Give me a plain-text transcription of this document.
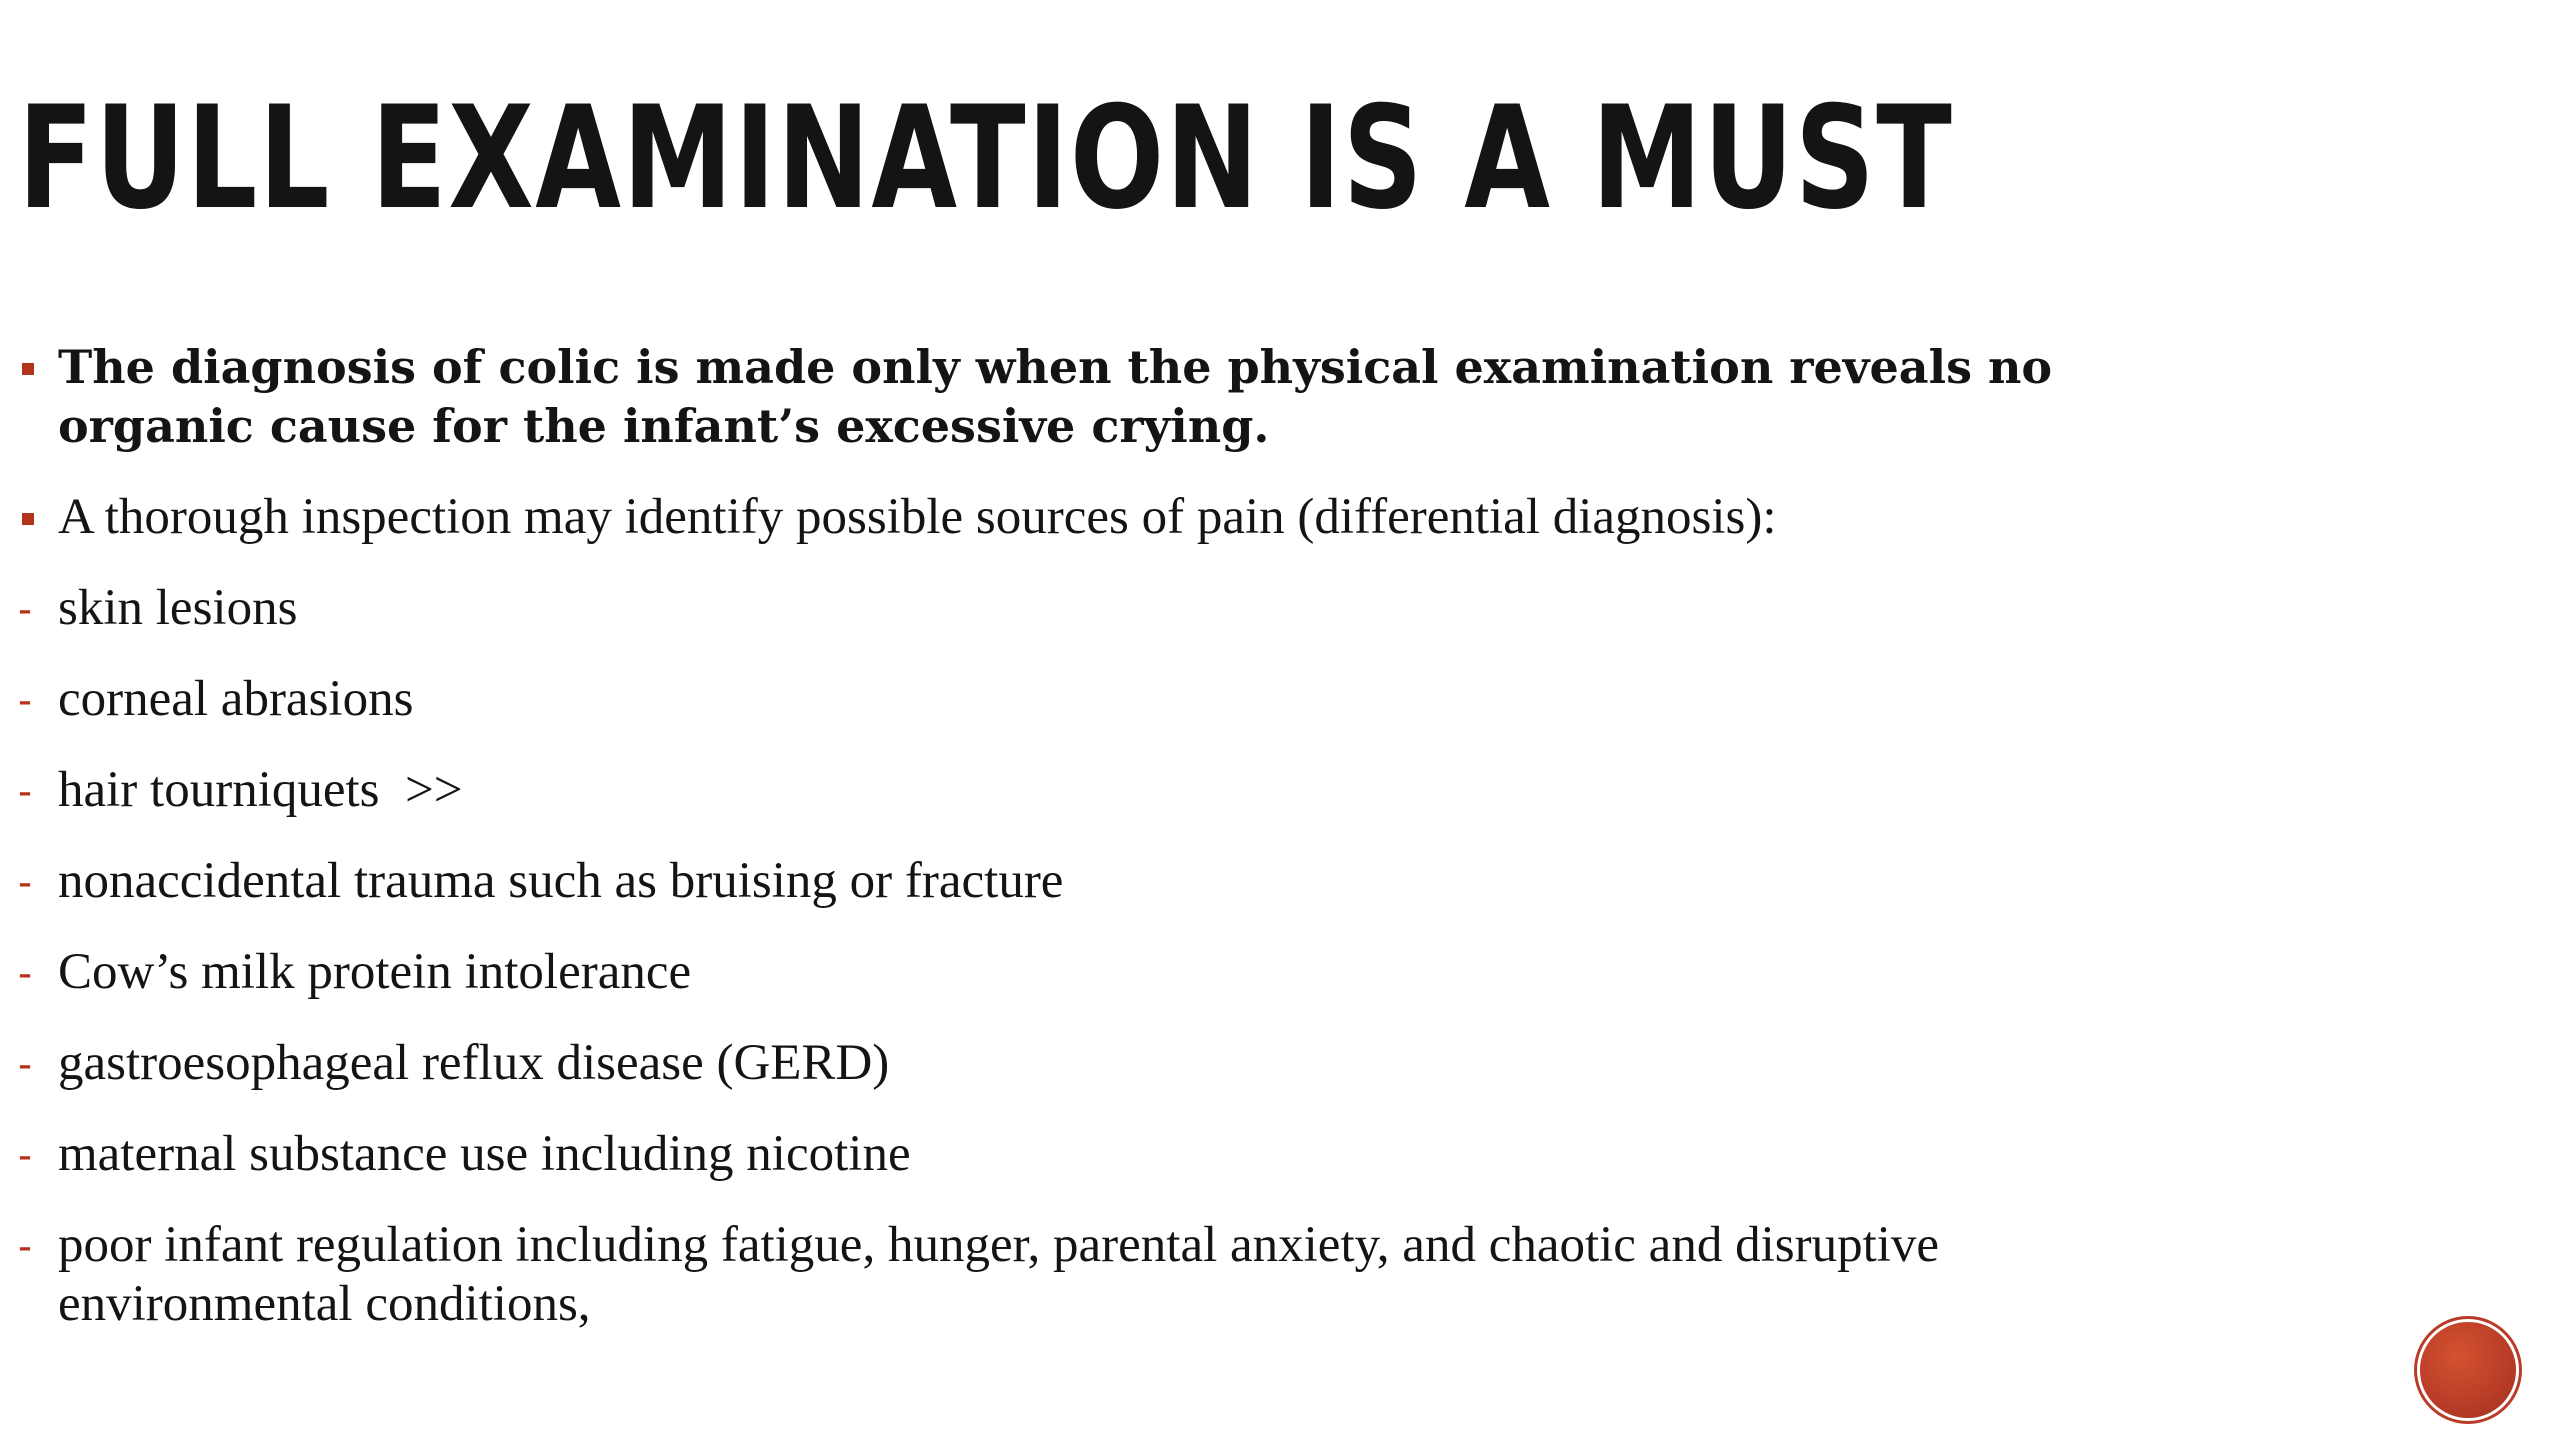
FULL EXAMINATION IS A MUST
The diagnosis of colic is made only when the physical examination reveals no organic cause for the infant’s excessive crying.
A thorough inspection may identify possible sources of pain (differential diagnosis):
- skin lesions
- corneal abrasions
- hair tourniquets  >>
- nonaccidental trauma such as bruising or fracture
- Cow’s milk protein intolerance
- gastroesophageal reflux disease (GERD)
- maternal substance use including nicotine
- poor infant regulation including fatigue, hunger, parental anxiety, and chaotic and disruptive environmental conditions,
